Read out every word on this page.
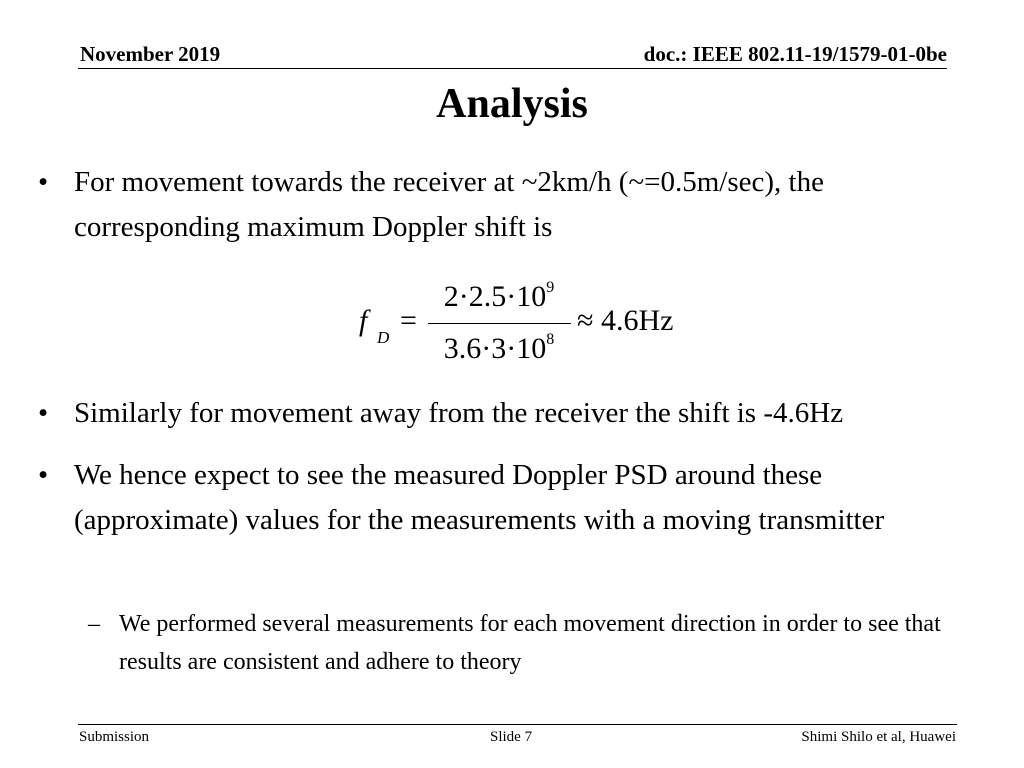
November 2019	doc.: IEEE 802.11-19/1579-01-0be
Analysis
• For movement towards the receiver at ~2km/h (~=0.5m/sec), the corresponding maximum Doppler shift is
f
D
=
$2\cdot 2.5\cdot 10^9$
$3.6\cdot 3\cdot 10^8$
≈ 4.6Hz
• Similarly for movement away from the receiver the shift is -4.6Hz
• We hence expect to see the measured Doppler PSD around these (approximate) values for the measurements with a moving transmitter
– We performed several measurements for each movement direction in order to see that results are consistent and adhere to theory
Submission	Slide 7	Shimi Shilo et al, Huawei
